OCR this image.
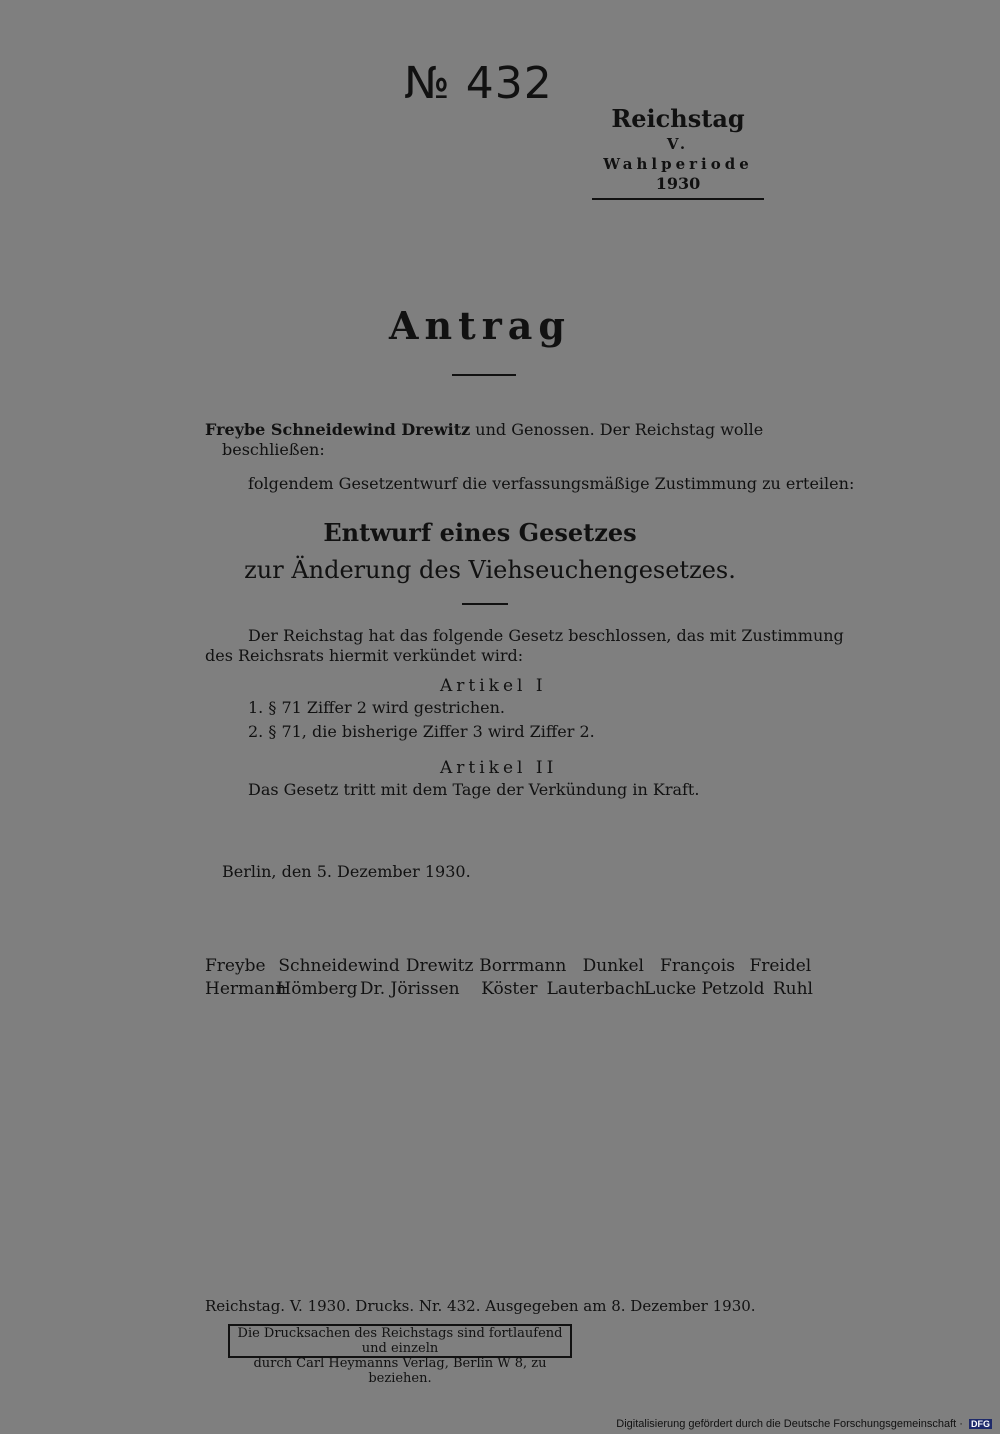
№ 432
Reichstag
V. Wahlperiode
1930
Antrag
Freybe Schneidewind Drewitz und Genossen. Der Reichstag wolle
beschließen:
folgendem Gesetzentwurf die verfassungsmäßige Zustimmung zu erteilen:
Entwurf eines Gesetzes
zur Änderung des Viehseuchengesetzes.
Der Reichstag hat das folgende Gesetz beschlossen, das mit Zustimmung
des Reichsrats hiermit verkündet wird:
Artikel I
1. § 71 Ziffer 2 wird gestrichen.
2. § 71, die bisherige Ziffer 3 wird Ziffer 2.
Artikel II
Das Gesetz tritt mit dem Tage der Verkündung in Kraft.
Berlin, den 5. Dezember 1930.
Freybe Schneidewind Drewitz Borrmann Dunkel François Freidel
Hermann Hömberg Dr. Jörissen Köster Lauterbach Lucke Petzold Ruhl
Reichstag. V. 1930. Drucks. Nr. 432. Ausgegeben am 8. Dezember 1930.
Die Drucksachen des Reichstags sind fortlaufend und einzeln
durch Carl Heymanns Verlag, Berlin W 8, zu beziehen.
Digitalisierung gefördert durch die Deutsche Forschungsgemeinschaft · DFG
